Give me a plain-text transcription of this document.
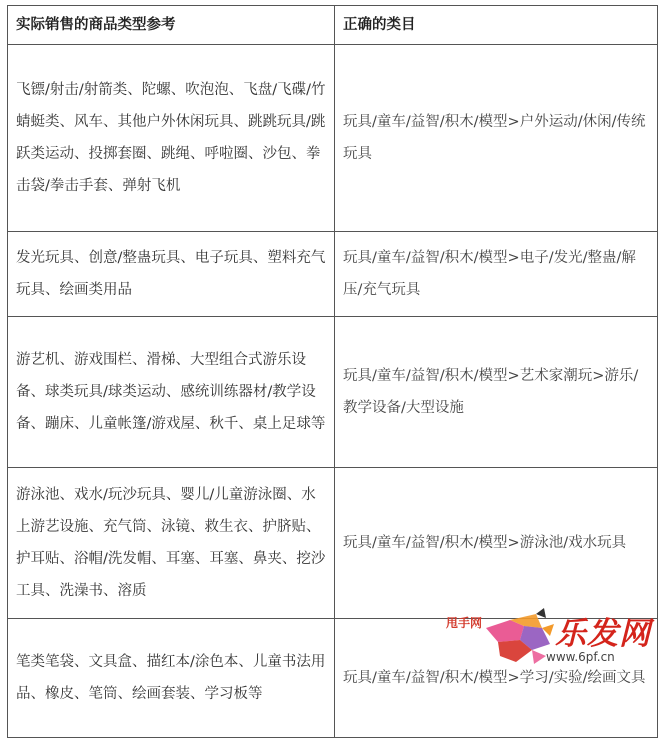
实际销售的商品类型参考	正确的类目
飞镖/射击/射箭类、陀螺、吹泡泡、飞盘/飞碟/竹蜻蜓类、风车、其他户外休闲玩具、跳跳玩具/跳跃类运动、投掷套圈、跳绳、呼啦圈、沙包、拳击袋/拳击手套、弹射飞机	玩具/童车/益智/积木/模型>户外运动/休闲/传统玩具
发光玩具、创意/整蛊玩具、电子玩具、塑料充气玩具、绘画类用品	玩具/童车/益智/积木/模型>电子/发光/整蛊/解压/充气玩具
游艺机、游戏围栏、滑梯、大型组合式游乐设备、球类玩具/球类运动、感统训练器材/教学设备、蹦床、儿童帐篷/游戏屋、秋千、桌上足球等	玩具/童车/益智/积木/模型>艺术家潮玩>游乐/教学设备/大型设施
游泳池、戏水/玩沙玩具、婴儿/儿童游泳圈、水上游艺设施、充气筒、泳镜、救生衣、护脐贴、护耳贴、浴帽/洗发帽、耳塞、耳塞、鼻夹、挖沙工具、洗澡书、溶质	玩具/童车/益智/积木/模型>游泳池/戏水玩具
笔类笔袋、文具盒、描红本/涂色本、儿童书法用品、橡皮、笔筒、绘画套装、学习板等	玩具/童车/益智/积木/模型>学习/实验/绘画文具
甩手网 乐发网
www.6pf.cn
